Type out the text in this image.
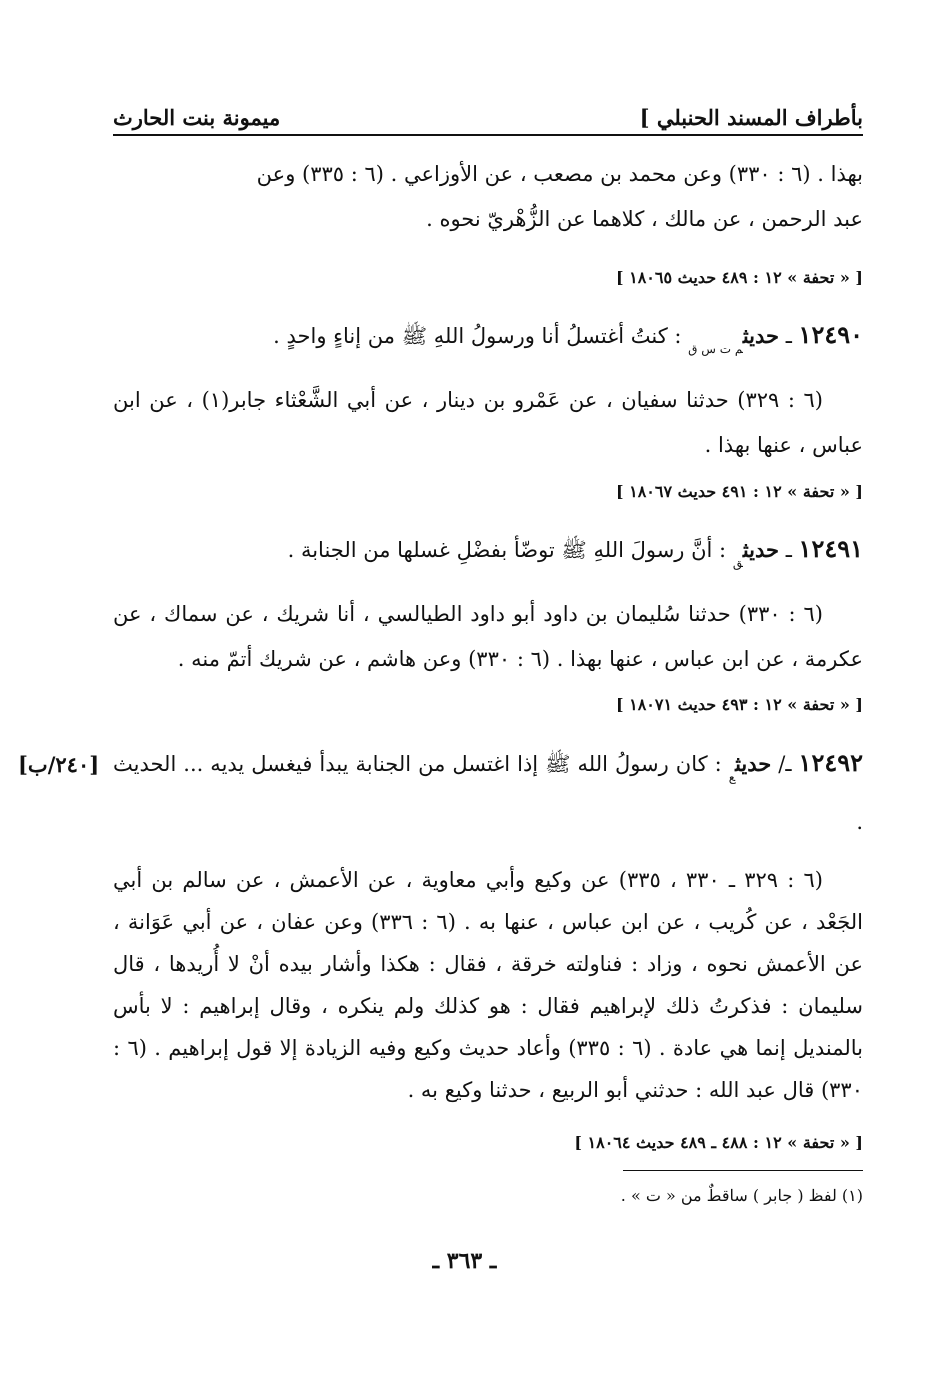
بأطراف المسند الحنبلي ]
ميمونة بنت الحارث
بهذا . (٦ : ٣٣٠) وعن محمد بن مصعب ، عن الأوزاعي . (٦ : ٣٣٥) وعن
عبد الرحمن ، عن مالك ، كلاهما عن الزُّهْريّ نحوه .
[ « تحفة » ١٢ : ٤٨٩ حديث ١٨٠٦٥ ]
١٢٤٩٠ ـ حديث$_{م ت س ق}$ : كنتُ أغتسلُ أنا ورسولُ اللهِ ﷺ من إناءٍ واحدٍ .
(٦ : ٣٢٩) حدثنا سفيان ، عن عَمْرو بن دينار ، عن أبي الشَّعْثاء جابر(١) ، عن ابن عباس ، عنها بهذا .
[ « تحفة » ١٢ : ٤٩١ حديث ١٨٠٦٧ ]
١٢٤٩١ ـ حديث$_ق$ : أنَّ رسولَ اللهِ ﷺ توضّأ بفضْلِ غسلها من الجنابة .
(٦ : ٣٣٠) حدثنا سُليمان بن داود أبو داود الطيالسي ، أنا شريك ، عن سماك ، عن عكرمة ، عن ابن عباس ، عنها بهذا . (٦ : ٣٣٠) وعن هاشم ، عن شريك أتمّ منه .
[ « تحفة » ١٢ : ٤٩٣ حديث ١٨٠٧١ ]
[٢٤٠/ب]	١٢٤٩٢ ـ/ حديث$_ع$ : كان رسولُ الله ﷺ إذا اغتسل من الجنابة يبدأ فيغسل يديه ... الحديث .
(٦ : ٣٢٩ ـ ٣٣٠ ، ٣٣٥) عن وكيع وأبي معاوية ، عن الأعمش ، عن سالم بن أبي الجَعْد ، عن كُريب ، عن ابن عباس ، عنها به . (٦ : ٣٣٦) وعن عفان ، عن أبي عَوَانة ، عن الأعمش نحوه ، وزاد : فناولته خرقة ، فقال : هكذا وأشار بيده أنْ لا أُريدها ، قال سليمان : فذكرتُ ذلك لإبراهيم فقال : هو كذلك ولم ينكره ، وقال إبراهيم : لا بأس بالمنديل إنما هي عادة . (٦ : ٣٣٥) وأعاد حديث وكيع وفيه الزيادة إلا قول إبراهيم . (٦ : ٣٣٠) قال عبد الله : حدثني أبو الربيع ، حدثنا وكيع به .
[ « تحفة » ١٢ : ٤٨٨ ـ ٤٨٩ حديث ١٨٠٦٤ ]
(١) لفظ ( جابر ) ساقطٌ من « ت » .
ـ ٣٦٣ ـ
